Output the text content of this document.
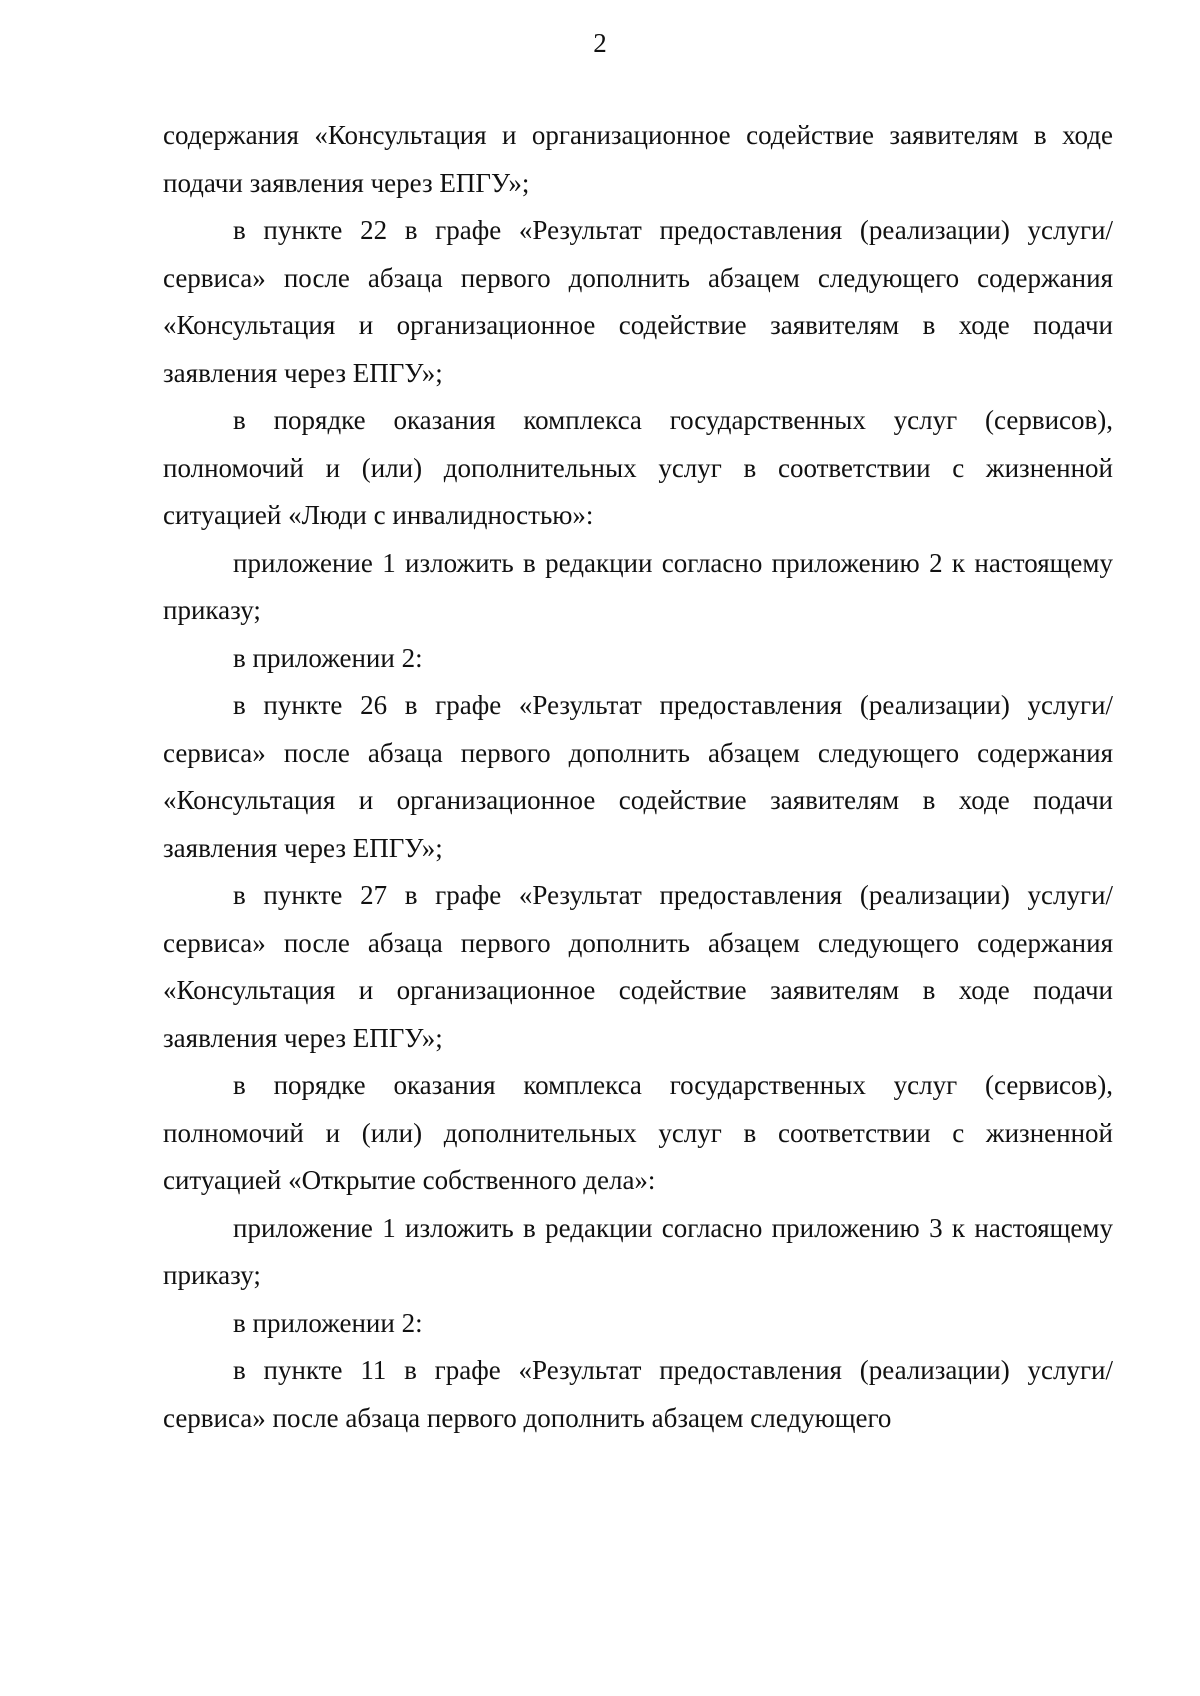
2

содержания «Консультация и организационное содействие заявителям в ходе подачи заявления через ЕПГУ»;

в пункте 22 в графе «Результат предоставления (реализации) услуги/сервиса» после абзаца первого дополнить абзацем следующего содержания «Консультация и организационное содействие заявителям в ходе подачи заявления через ЕПГУ»;

в порядке оказания комплекса государственных услуг (сервисов), полномочий и (или) дополнительных услуг в соответствии с жизненной ситуацией «Люди с инвалидностью»:

приложение 1 изложить в редакции согласно приложению 2 к настоящему приказу;

в приложении 2:

в пункте 26 в графе «Результат предоставления (реализации) услуги/сервиса» после абзаца первого дополнить абзацем следующего содержания «Консультация и организационное содействие заявителям в ходе подачи заявления через ЕПГУ»;

в пункте 27 в графе «Результат предоставления (реализации) услуги/сервиса» после абзаца первого дополнить абзацем следующего содержания «Консультация и организационное содействие заявителям в ходе подачи заявления через ЕПГУ»;

в порядке оказания комплекса государственных услуг (сервисов), полномочий и (или) дополнительных услуг в соответствии с жизненной ситуацией «Открытие собственного дела»:

приложение 1 изложить в редакции согласно приложению 3 к настоящему приказу;

в приложении 2:

в пункте 11 в графе «Результат предоставления (реализации) услуги/сервиса» после абзаца первого дополнить абзацем следующего
